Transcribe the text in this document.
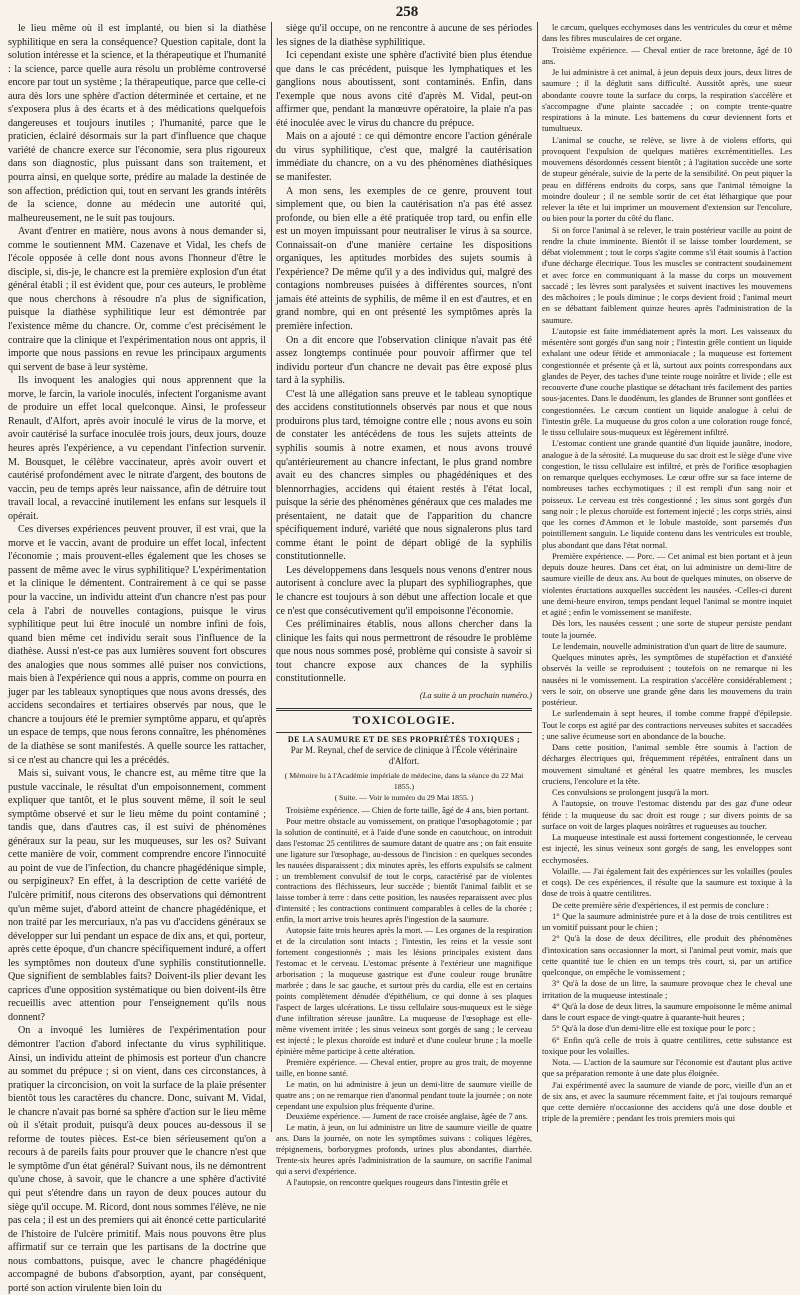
258

le lieu même où il est implanté, ou bien si la diathèse syphilitique en sera la conséquence? Question capitale, dont la solution intéresse et la science, et la thérapeutique et l'humanité : la science, parce quelle aura résolu un problème controversé encore par tout un système ; la thérapeutique, parce que celle-ci aura dès lors une sphère d'action déterminée et certaine, et ne s'exposera plus à des écarts et à des médications quelquefois dangereuses et toujours inutiles ; l'humanité, parce que le praticien, éclairé désormais sur la part d'influence que chaque variété de chancre exerce sur l'économie, sera plus rigoureux dans son diagnostic, plus puissant dans son traitement, et pourra ainsi, en quelque sorte, prédire au malade la destinée de son affection, prédiction qui, tout en servant les grands intérêts de la science, donne au médecin une autorité qui, malheureusement, ne le suit pas toujours.

Avant d'entrer en matière, nous avons à nous demander si, comme le soutiennent MM. Cazenave et Vidal, les chefs de l'école opposée à celle dont nous avons l'honneur d'être le disciple, si, dis-je, le chancre est la première explosion d'un état général établi ; il est évident que, pour ces auteurs, le problème que nous cherchons à résoudre n'a plus de signification, puisque la diathèse syphilitique leur est démontrée par l'existence même du chancre. Or, comme c'est précisément le contraire que la clinique et l'expérimentation nous ont appris, il importe que nous passions en revue les principaux arguments qui servent de base à leur système.

Ils invoquent les analogies qui nous apprennent que la morve, le farcin, la variole inoculés, infectent l'organisme avant de produire un effet local quelconque. Ainsi, le professeur Renault, d'Alfort, après avoir inoculé le virus de la morve, et avoir cautérisé la surface inoculée trois jours, deux jours, douze heures après l'expérience, a vu cependant l'infection survenir. M. Bousquet, le célèbre vaccinateur, après avoir ouvert et cautérisé profondément avec le nitrate d'argent, des boutons de vaccin, peu de temps après leur naissance, afin de détruire tout travail local, a revacciné inutilement les enfans sur lesquels il opérait.

Ces diverses expériences peuvent prouver, il est vrai, que la morve et le vaccin, avant de produire un effet local, infectent l'économie ; mais prouvent-elles également que les choses se passent de même avec le virus syphilitique? L'expérimentation et la clinique le démentent. Contrairement à ce qui se passe pour la vaccine, un individu atteint d'un chancre n'est pas pour cela à l'abri de nouvelles contagions, puisque le virus syphilitique peut lui être inoculé un nombre infini de fois, quand bien même cet individu serait sous l'influence de la diathèse. Aussi n'est-ce pas aux lumières souvent fort obscures des analogies que nous sommes allé puiser nos convictions, mais bien à l'expérience qui nous a appris, comme on pourra en juger par les tableaux synoptiques que nous avons dressés, des accidens secondaires et tertiaires observés par nous, que le chancre a toujours été le premier symptôme apparu, et qu'après un espace de temps, que nous ferons connaître, les phénomènes de la diathèse se sont manifestés. A quelle source les rattacher, si ce n'est au chancre qui les a précédés.

Mais si, suivant vous, le chancre est, au même titre que la pustule vaccinale, le résultat d'un empoisonnement, comment expliquer que tantôt, et le plus souvent même, il soit le seul symptôme observé et sur le lieu même du point contaminé ; tandis que, dans d'autres cas, il est suivi de phénomènes généraux sur la peau, sur les muqueuses, sur les os? Suivant cette manière de voir, comment comprendre encore l'innocuité au point de vue de l'infection, du chancre phagédénique simple, ou serpigineux? En effet, à la description de cette variété de l'ulcère primitif, nous citerons des observations qui démontrent qu'un même sujet, d'abord atteint de chancre phagédénique, et non traité par les mercuriaux, n'a pas vu d'accidens généraux se développer sur lui pendant un espace de dix ans, et qui, porteur, après cette époque, d'un chancre spécifiquement induré, a offert les symptômes non douteux d'une syphilis constitutionnelle. Que signifient de semblables faits? Doivent-ils plier devant les caprices d'une opposition systématique ou bien doivent-ils être recueillis avec attention pour l'enseignement qu'ils nous donnent?

On a invoqué les lumières de l'expérimentation pour démontrer l'action d'abord infectante du virus syphilitique. Ainsi, un individu atteint de phimosis est porteur d'un chancre au sommet du prépuce ; si on vient, dans ces circonstances, à pratiquer la circoncision, on voit la surface de la plaie présenter bientôt tous les caractères du chancre. Donc, suivant M. Vidal, le chancre n'avait pas borné sa sphère d'action sur le lieu même où il s'était produit, puisqu'à deux pouces au-dessous il se reforme de toutes pièces. Est-ce bien sérieusement qu'on a recours à de pareils faits pour prouver que le chancre n'est que le symptôme d'un état général? Suivant nous, ils ne démontrent qu'une chose, à savoir, que le chancre a une sphère d'activité qui peut s'étendre dans un rayon de deux pouces autour du siège qu'il occupe. M. Ricord, dont nous sommes l'élève, ne nie pas cela ; il est un des premiers qui ait énoncé cette particularité de l'histoire de l'ulcère primitif. Mais nous pouvons être plus affirmatif sur ce terrain que les partisans de la doctrine que nous combattons, puisque, avec le chancre phagédénique accompagné de bubons d'absorption, ayant, par conséquent, porté son action virulente bien loin du

siège qu'il occupe, on ne rencontre à aucune de ses périodes les signes de la diathèse syphilitique.

Ici cependant existe une sphère d'activité bien plus étendue que dans le cas précédent, puisque les lymphatiques et les ganglions nous aboutissent, sont contaminés. Enfin, dans l'exemple que nous avons cité d'après M. Vidal, peut-on affirmer que, pendant la manœuvre opératoire, la plaie n'a pas été inoculée avec le virus du chancre du prépuce.

Mais on a ajouté : ce qui démontre encore l'action générale du virus syphilitique, c'est que, malgré la cautérisation immédiate du chancre, on a vu des phénomènes diathésiques se manifester.

A mon sens, les exemples de ce genre, prouvent tout simplement que, ou bien la cautérisation n'a pas été assez profonde, ou bien elle a été pratiquée trop tard, ou enfin elle est un moyen impuissant pour neutraliser le virus à sa source. Connaissait-on d'une manière certaine les dispositions organiques, les aptitudes morbides des sujets soumis à l'expérience? De même qu'il y a des individus qui, malgré des contagions nombreuses puisées à différentes sources, n'ont jamais été atteints de syphilis, de même il en est d'autres, et en grand nombre, qui en ont présenté les symptômes après la première infection.

On a dit encore que l'observation clinique n'avait pas été assez longtemps continuée pour pouvoir affirmer que tel individu porteur d'un chancre ne devait pas être exposé plus tard à la syphilis.

C'est là une allégation sans preuve et le tableau synoptique des accidens constitutionnels observés par nous et que nous produirons plus tard, témoigne contre elle ; nous avons eu soin de constater les antécédens de tous les sujets atteints de syphilis soumis à notre examen, et nous avons trouvé qu'antérieurement au chancre infectant, le plus grand nombre avait eu des chancres simples ou phagédéniques et des blennorrhagies, accidens qui étaient restés à l'état local, puisque la série des phénomènes généraux que ces malades me présentaient, ne datait que de l'apparition du chancre spécifiquement induré, variété que nous signalerons plus tard comme étant le point de départ obligé de la syphilis constitutionnelle.

Les développemens dans lesquels nous venons d'entrer nous autorisent à conclure avec la plupart des syphiliographes, que le chancre est toujours à son début une affection locale et que ce n'est que consécutivement qu'il empoisonne l'économie.

Ces préliminaires établis, nous allons chercher dans la clinique les faits qui nous permettront de résoudre le problème que nous nous sommes posé, problème qui consiste à savoir si tout chancre expose aux chances de la syphilis constitutionnelle.

(La suite à un prochain numéro.)
TOXICOLOGIE.
DE LA SAUMURE ET DE SES PROPRIÉTÉS TOXIQUES ;
Par M. Reynal, chef de service de clinique à l'École vétérinaire d'Alfort.
( Mémoire lu à l'Académie impériale de médecine, dans la séance du 22 Mai 1855.)
( Suite. — Voir le numéro du 29 Mai 1855. )

Troisième expérience. — Chien de forte taille, âgé de 4 ans, bien portant.

Pour mettre obstacle au vomissement, on pratique l'œsophagotomie ; par la solution de continuité, et à l'aide d'une sonde en caoutchouc, on introduit dans l'estomac 25 centilitres de saumure datant de quatre ans ; on fait ensuite une ligature sur l'œsophage, au-dessous de l'incision : en quelques secondes les nausées disparaissent ; dix minutes après, les efforts expulsifs se calment ; un tremblement convulsif de tout le corps, caractérisé par de violentes contractions des fléchisseurs, leur succède ; bientôt l'animal faiblit et se laisse tomber à terre : dans cette position, les nausées reparaissent avec plus d'intensité ; les contractions continuent comparables à celles de la chorée ; enfin, la mort arrive trois heures après l'ingestion de la saumure.

Autopsie faite trois heures après la mort. — Les organes de la respiration et de la circulation sont intacts ; l'intestin, les reins et la vessie sont fortement congestionnés ; mais les lésions principales existent dans l'estomac et le cerveau. L'estomac présente à l'extérieur une magnifique arborisation ; la muqueuse gastrique est d'une couleur rouge brunâtre marbrée ; dans le sac gauche, et surtout près du cardia, elle est en certains points complètement dénudée d'épithélium, ce qui donne à ses plaques l'aspect de larges ulcérations. Le tissu cellulaire sous-muqueux est le siège d'une infiltration séreuse jaunâtre. La muqueuse de l'œsophage est elle-même vivement irritée ; les sinus veineux sont gorgés de sang ; le cerveau est injecté ; le plexus choroïde est induré et d'une couleur brune ; la moelle épinière même participe à cette altération.

Première expérience. — Cheval entier, propre au gros trait, de moyenne taille, en bonne santé.

Le matin, on lui administre à jeun un demi-litre de saumure vieille de quatre ans ; on ne remarque rien d'anormal pendant toute la journée ; on note cependant une expulsion plus fréquente d'urine.

Deuxième expérience. — Jument de race croisée anglaise, âgée de 7 ans.

Le matin, à jeun, on lui administre un litre de saumure vieille de quatre ans. Dans la journée, on note les symptômes suivans : coliques légères, trépignemens, borborygmes profonds, urines plus abondantes, diarrhée. Trente-six heures après l'administration de la saumure, on sacrifie l'animal qui a servi d'expérience.

A l'autopsie, on rencontre quelques rougeurs dans l'intestin grêle et

le cæcum, quelques ecchymoses dans les ventricules du cœur et même dans les fibres musculaires de cet organe.

Troisième expérience. — Cheval entier de race bretonne, âgé de 10 ans.

Je lui administre à cet animal, à jeun depuis deux jours, deux litres de saumure ; il la déglutit sans difficulté. Aussitôt après, une sueur abondante couvre toute la surface du corps, la respiration s'accélère et s'accompagne d'une plainte saccadée ; on compte trente-quatre respirations à la minute. Les battemens du cœur deviennent forts et tumultueux.

L'animal se couche, se relève, se livre à de violens efforts, qui provoquent l'expulsion de quelques matières excrémentitielles. Les mouvemens désordonnés cessent bientôt ; à l'agitation succède une sorte de stupeur générale, suivie de la perte de la sensibilité. On peut piquer la peau en différens endroits du corps, sans que l'animal témoigne la moindre douleur ; il ne semble sortir de cet état léthargique que pour relever la tête et lui imprimer un mouvement d'extension sur l'encolure, ou bien pour la porter du côté du flanc.

Si on force l'animal à se relever, le train postérieur vacille au point de rendre la chute imminente. Bientôt il se laisse tomber lourdement, se débat violemment ; tout le corps s'agite comme s'il était soumis à l'action d'une décharge électrique. Tous les muscles se contractent soudainement et avec force en communiquant à la masse du corps un mouvement saccadé ; les lèvres sont paralysées et suivent inactives les mouvemens des mâchoires ; le pouls diminue ; le corps devient froid ; l'animal meurt en se débattant faiblement quinze heures après l'administration de la saumure.

L'autopsie est faite immédiatement après la mort. Les vaisseaux du mésentère sont gorgés d'un sang noir ; l'intestin grêle contient un liquide exhalant une odeur fétide et ammoniacale ; la muqueuse est fortement congestionnée et présente çà et là, surtout aux points correspondans aux glandes de Peyer, des taches d'une teinte rouge noirâtre et livide ; elle est recouverte d'une couche plastique se détachant très facilement des parties sous-jacentes. Dans le duodénum, les glandes de Brunner sont gonflées et congestionnées. Le cæcum contient un liquide analogue à celui de l'intestin grêle. La muqueuse du gros colon a une coloration rouge foncé, le tissu cellulaire sous-muqueux est légèrement infiltré.

L'estomac contient une grande quantité d'un liquide jaunâtre, inodore, analogue à de la sérosité. La muqueuse du sac droit est le siège d'une vive congestion, le tissu cellulaire est infiltré, et près de l'orifice œsophagien on remarque quelques ecchymoses. Le cœur offre sur sa face interne de nombreuses taches ecchymotiques ; il est rempli d'un sang noir et poisseux. Le cerveau est très congestionné ; les sinus sont gorgés d'un sang noir ; le plexus choroïde est fortement injecté ; les corps striés, ainsi que les cornes d'Ammon et le lobule mastoïde, sont parsemés d'un pointillement sanguin. Le liquide contenu dans les ventricules est trouble, plus abondant que dans l'état normal.

Première expérience. — Porc. — Cet animal est bien portant et à jeun depuis douze heures. Dans cet état, on lui administre un demi-litre de saumure vieille de deux ans. Au bout de quelques minutes, on observe de violentes éructations auxquelles succèdent les nausées. -Celles-ci durent une demi-heure environ, temps pendant lequel l'animal se montre inquiet et agité ; enfin le vomissement se manifeste.

Dès lors, les nausées cessent ; une sorte de stupeur persiste pendant toute la journée.

Le lendemain, nouvelle administration d'un quart de litre de saumure.

Quelques minutes après, les symptômes de stupéfaction et d'anxiété observés la veille se reproduisent ; toutefois on ne remarque ni les nausées ni le vomissement. La respiration s'accélère considérablement ; vers le soir, on observe une grande gêne dans les mouvemens du train postérieur.

Le surlendemain à sept heures, il tombe comme frappé d'épilepsie. Tout le corps est agité par des contractions nerveuses subites et saccadées ; une salive écumeuse sort en abondance de la bouche.

Dans cette position, l'animal semble être soumis à l'action de décharges électriques qui, fréquemment répétées, entraînent dans un mouvement simultané et général les quatre membres, les muscles cruciens, l'encolure et la tête.

Ces convulsions se prolongent jusqu'à la mort.

A l'autopsie, on trouve l'estomac distendu par des gaz d'une odeur fétide : la muqueuse du sac droit est rouge ; sur divers points de sa surface on voit de larges plaques noirâtres et rugueuses au toucher.

La muqueuse intestinale est aussi fortement congestionnée, le cerveau est injecté, les sinus veineux sont gorgés de sang, les enveloppes sont ecchymosées.

Volaille. — J'ai également fait des expériences sur les volailles (poules et coqs). De ces expériences, il résulte que la saumure est toxique à la dose de trois à quatre centilitres.

De cette première série d'expériences, il est permis de conclure :

1° Que la saumure administrée pure et à la dose de trois centilitres est un vomitif puissant pour le chien ;

2° Qu'à la dose de deux décilitres, elle produit des phénomènes d'intoxication sans occasionner la mort, si l'animal peut vomir, mais que cette quantité tue le chien en un temps très court, si, par un artifice quelconque, on empêche le vomissement ;

3° Qu'à la dose de un litre, la saumure provoque chez le cheval une irritation de la muqueuse intestinale ;

4° Qu'à la dose de deux litres, la saumure empoisonne le même animal dans le court espace de vingt-quatre à quarante-huit heures ;

5° Qu'à la dose d'un demi-litre elle est toxique pour le porc ;

6° Enfin qu'à celle de trois à quatre centilitres, cette substance est toxique pour les volailles.

Nota. — L'action de la saumure sur l'économie est d'autant plus active que sa préparation remonte à une date plus éloignée.

J'ai expérimenté avec la saumure de viande de porc, vieille d'un an et de six ans, et avec la saumure récemment faite, et j'ai toujours remarqué que cette dernière n'occasionne des accidens qu'à une dose double et triple de la première ; pendant les trois premiers mois qui
